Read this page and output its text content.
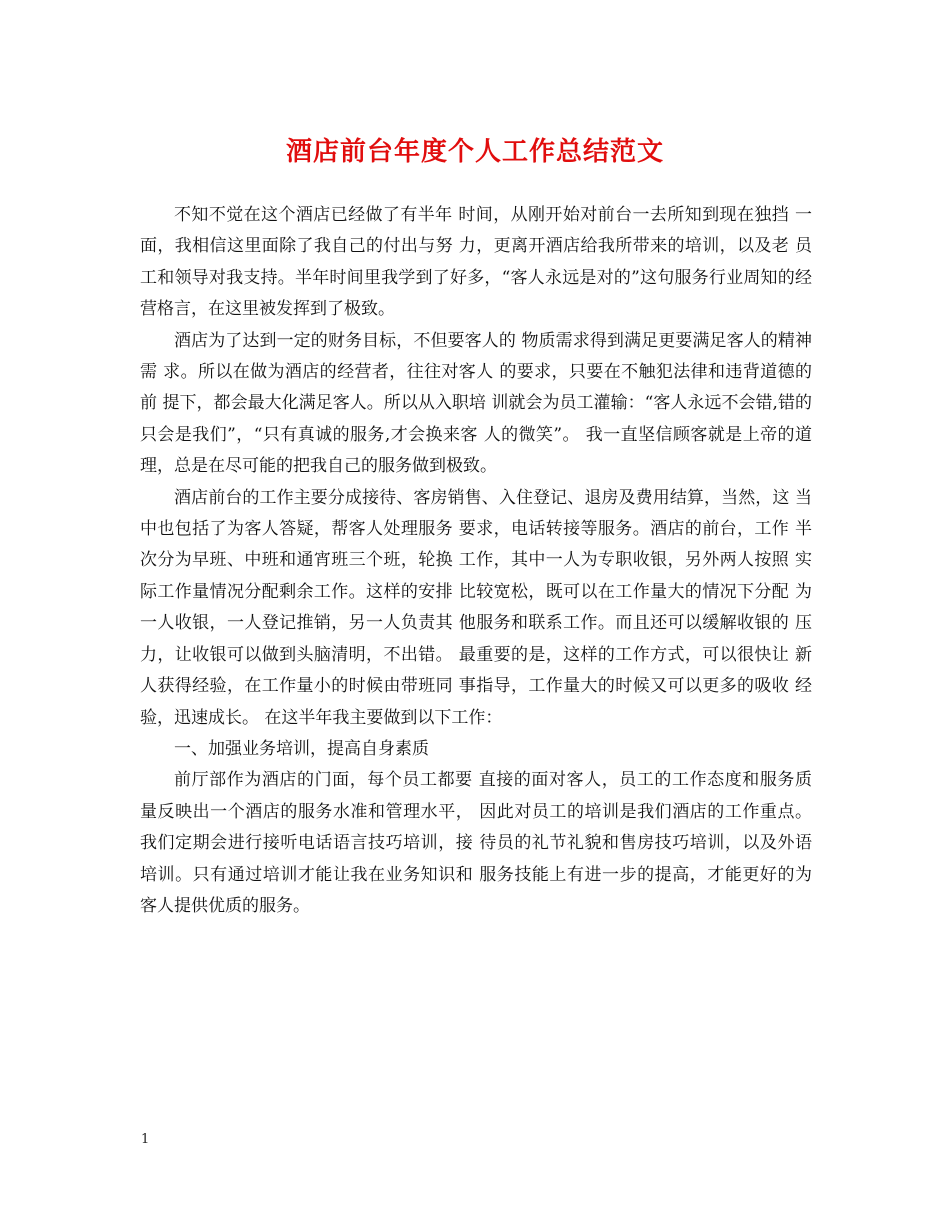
酒店前台年度个人工作总结范文

不知不觉在这个酒店已经做了有半年 时间，从刚开始对前台一去所知到现在独挡 一面，我相信这里面除了我自己的付出与努 力，更离开酒店给我所带来的培训，以及老 员工和领导对我支持。半年时间里我学到了好多，“客人永远是对的”这句服务行业周知的经营格言，在这里被发挥到了极致。

酒店为了达到一定的财务目标，不但要客人的 物质需求得到满足更要满足客人的精神需 求。所以在做为酒店的经营者，往往对客人 的要求，只要在不触犯法律和违背道德的前 提下，都会最大化满足客人。所以从入职培 训就会为员工灌输：“客人永远不会错,错的 只会是我们”，“只有真诚的服务,才会换来客 人的微笑”。 我一直坚信顾客就是上帝的道 理，总是在尽可能的把我自己的服务做到极致。

酒店前台的工作主要分成接待、客房销售、入住登记、退房及费用结算，当然，这 当中也包括了为客人答疑，帮客人处理服务 要求，电话转接等服务。酒店的前台，工作 半次分为早班、中班和通宵班三个班，轮换 工作，其中一人为专职收银，另外两人按照 实际工作量情况分配剩余工作。这样的安排 比较宽松，既可以在工作量大的情况下分配 为一人收银，一人登记推销，另一人负责其 他服务和联系工作。而且还可以缓解收银的 压力，让收银可以做到头脑清明，不出错。 最重要的是，这样的工作方式，可以很快让 新人获得经验，在工作量小的时候由带班同 事指导，工作量大的时候又可以更多的吸收 经验，迅速成长。 在这半年我主要做到以下工作：

一、加强业务培训，提高自身素质

前厅部作为酒店的门面，每个员工都要 直接的面对客人，员工的工作态度和服务质 量反映出一个酒店的服务水准和管理水平， 因此对员工的培训是我们酒店的工作重点。 我们定期会进行接听电话语言技巧培训，接 待员的礼节礼貌和售房技巧培训，以及外语 培训。只有通过培训才能让我在业务知识和 服务技能上有进一步的提高，才能更好的为 客人提供优质的服务。

1
